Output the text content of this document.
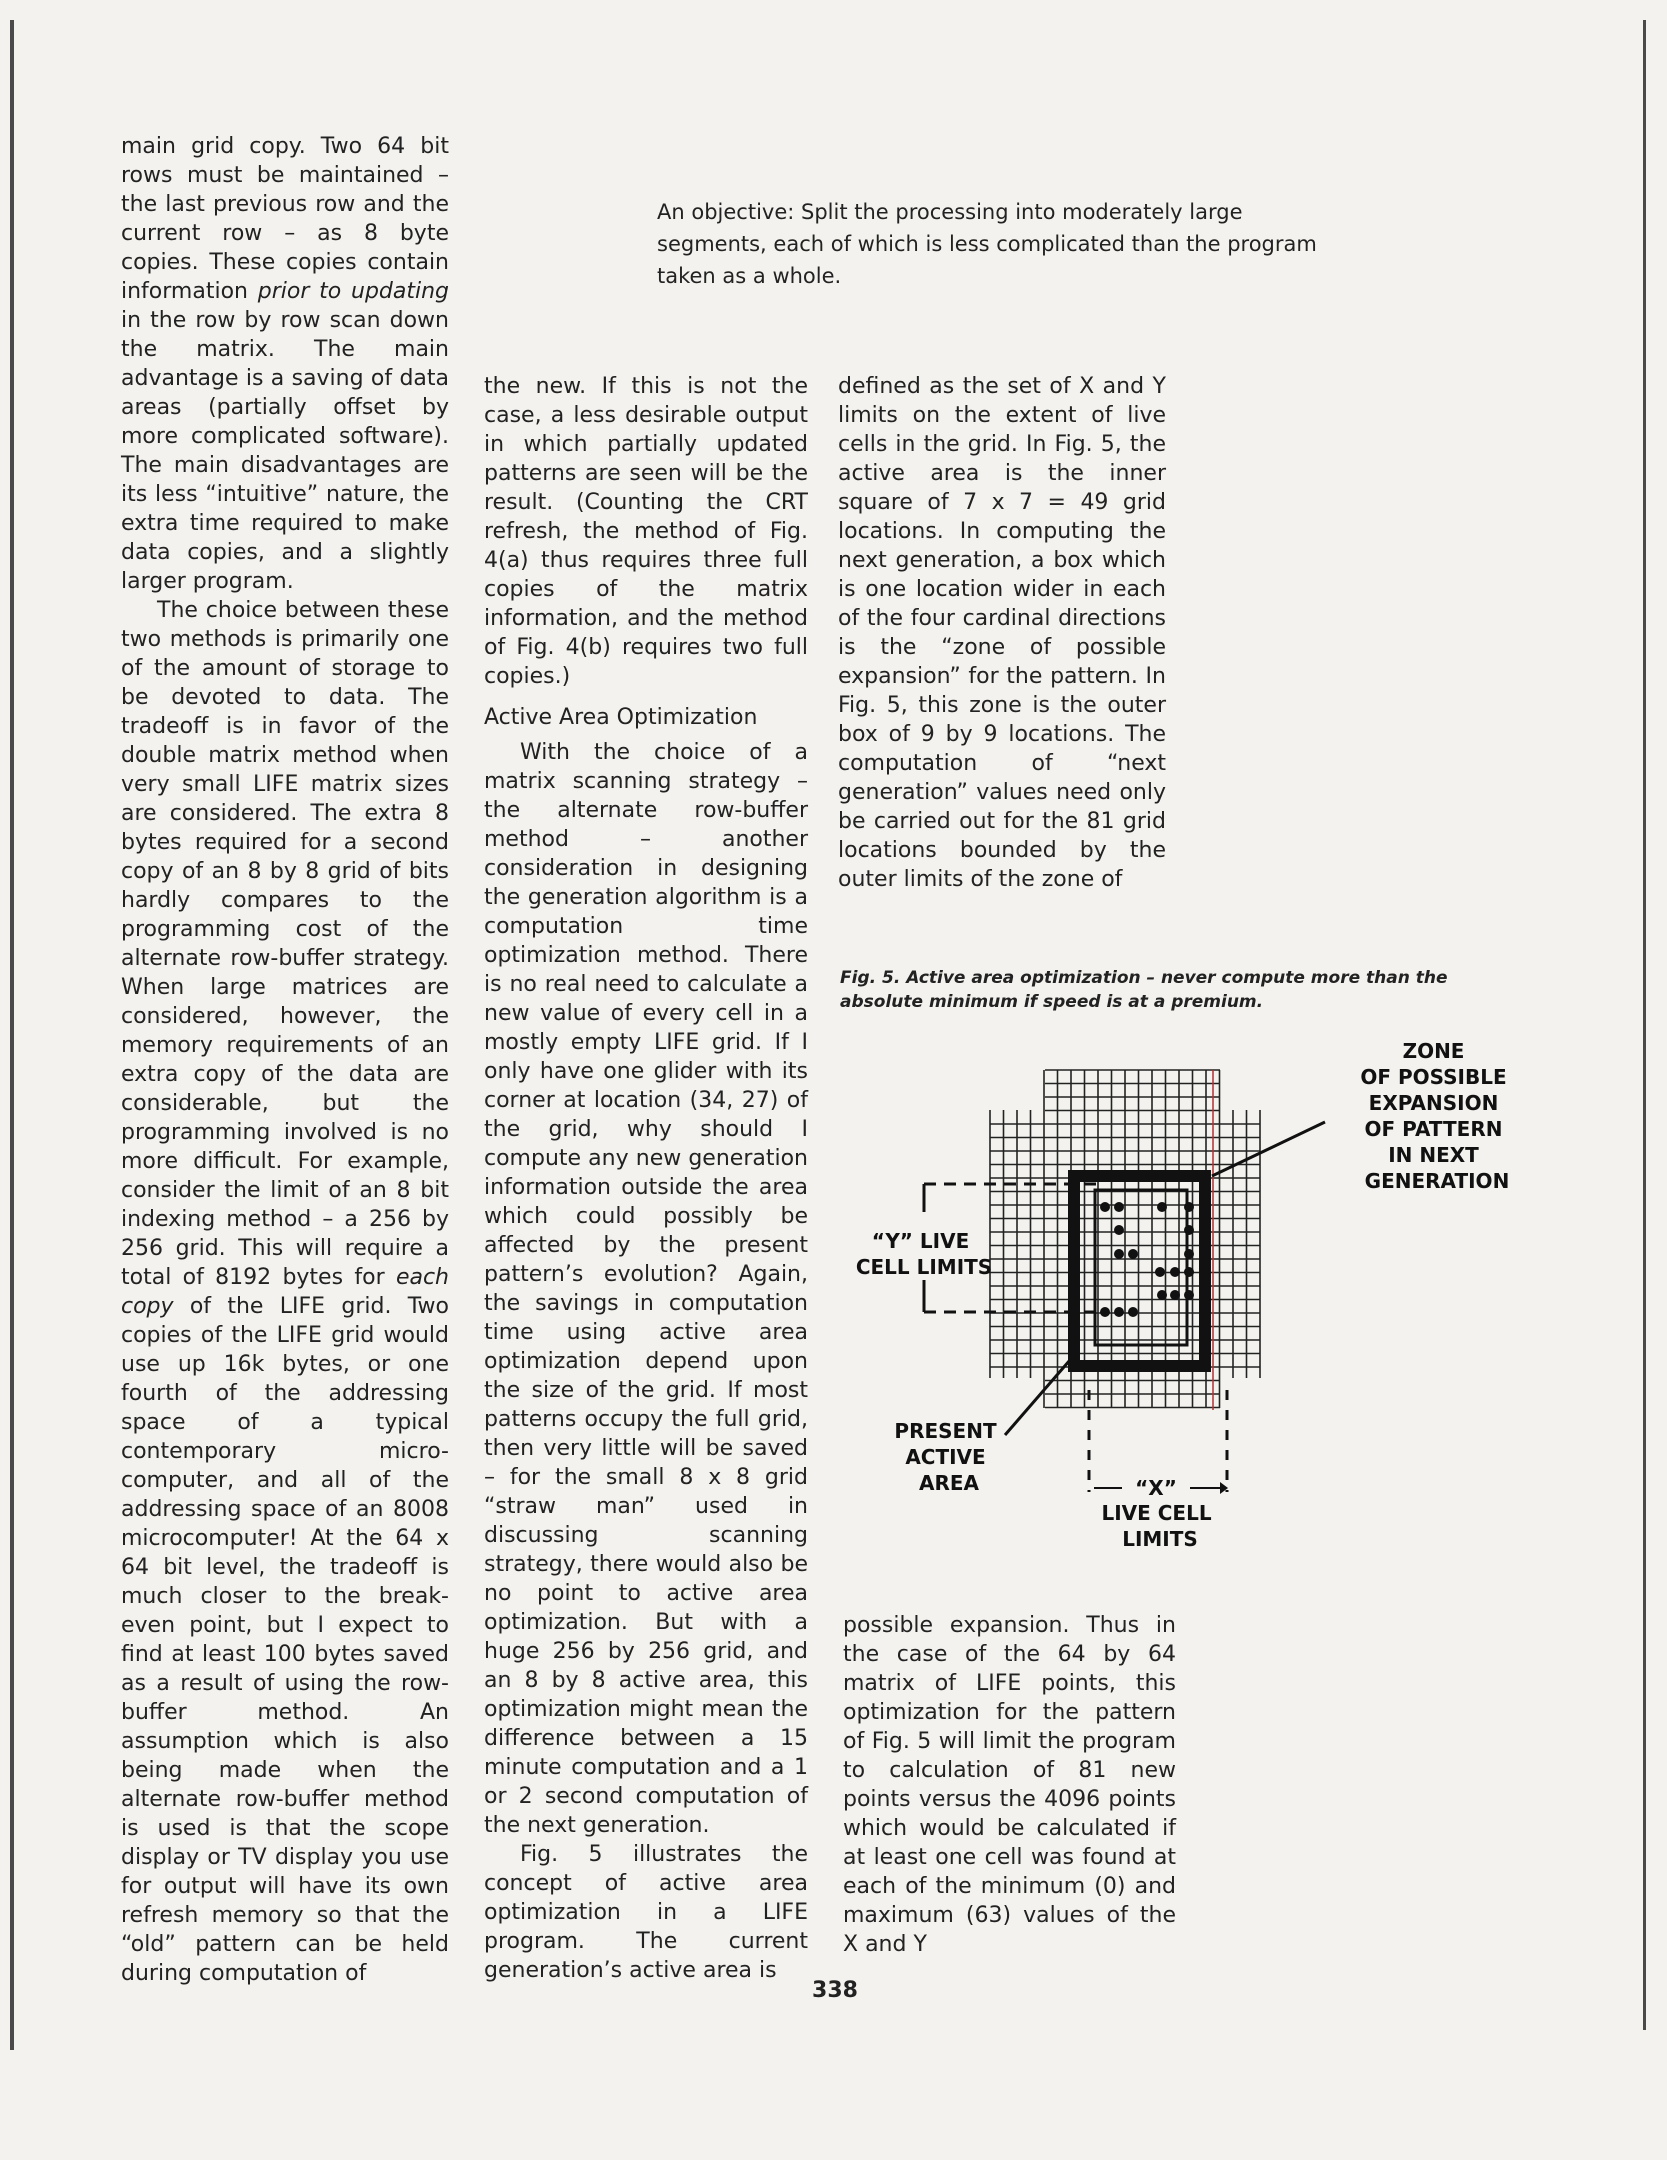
main grid copy. Two 64 bit rows must be maintained – the last previous row and the current row – as 8 byte copies. These copies contain information prior to updating in the row by row scan down the matrix. The main advantage is a saving of data areas (partially offset by more complicated software). The main disadvantages are its less “intuitive” nature, the extra time required to make data copies, and a slightly larger program.

The choice between these two methods is primarily one of the amount of storage to be devoted to data. The tradeoff is in favor of the double matrix method when very small LIFE matrix sizes are considered. The extra 8 bytes required for a second copy of an 8 by 8 grid of bits hardly compares to the programming cost of the alternate row-buffer strategy. When large matrices are considered, however, the memory requirements of an extra copy of the data are considerable, but the programming involved is no more difficult. For example, consider the limit of an 8 bit indexing method – a 256 by 256 grid. This will require a total of 8192 bytes for each copy of the LIFE grid. Two copies of the LIFE grid would use up 16k bytes, or one fourth of the addressing space of a typical contemporary micro-computer, and all of the addressing space of an 8008 microcomputer! At the 64 x 64 bit level, the tradeoff is much closer to the break-even point, but I expect to find at least 100 bytes saved as a result of using the row-buffer method. An assumption which is also being made when the alternate row-buffer method is used is that the scope display or TV display you use for output will have its own refresh memory so that the “old” pattern can be held during computation of

An objective: Split the processing into moderately large segments, each of which is less complicated than the program taken as a whole.

the new. If this is not the case, a less desirable output in which partially updated patterns are seen will be the result. (Counting the CRT refresh, the method of Fig. 4(a) thus requires three full copies of the matrix information, and the method of Fig. 4(b) requires two full copies.)

Active Area Optimization

With the choice of a matrix scanning strategy – the alternate row-buffer method – another consideration in designing the generation algorithm is a computation time optimization method. There is no real need to calculate a new value of every cell in a mostly empty LIFE grid. If I only have one glider with its corner at location (34, 27) of the grid, why should I compute any new generation information outside the area which could possibly be affected by the present pattern’s evolution? Again, the savings in computation time using active area optimization depend upon the size of the grid. If most patterns occupy the full grid, then very little will be saved – for the small 8 x 8 grid “straw man” used in discussing scanning strategy, there would also be no point to active area optimization. But with a huge 256 by 256 grid, and an 8 by 8 active area, this optimization might mean the difference between a 15 minute computation and a 1 or 2 second computation of the next generation.

Fig. 5 illustrates the concept of active area optimization in a LIFE program. The current generation’s active area is

defined as the set of X and Y limits on the extent of live cells in the grid. In Fig. 5, the active area is the inner square of 7 x 7 = 49 grid locations. In computing the next generation, a box which is one location wider in each of the four cardinal directions is the “zone of possible expansion” for the pattern. In Fig. 5, this zone is the outer box of 9 by 9 locations. The computation of “next generation” values need only be carried out for the 81 grid locations bounded by the outer limits of the zone of

Fig. 5. Active area optimization – never compute more than the absolute minimum if speed is at a premium.
ZONE OF POSSIBLE EXPANSION OF PATTERN IN NEXT GENERATION
“Y” LIVE CELL LIMITS
PRESENT ACTIVE AREA	“X”
LIVE CELL LIMITS

possible expansion. Thus in the case of the 64 by 64 matrix of LIFE points, this optimization for the pattern of Fig. 5 will limit the program to calculation of 81 new points versus the 4096 points which would be calculated if at least one cell was found at each of the minimum (0) and maximum (63) values of the X and Y

338
